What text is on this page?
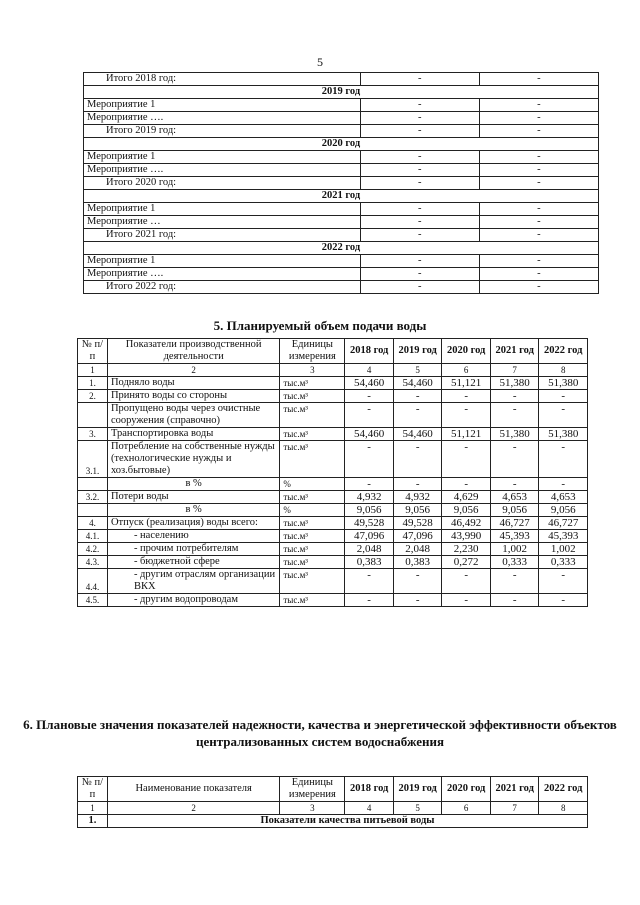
5
Итого 2018 год:	-	-
2019 год		
Мероприятие 1	-	-
Мероприятие ….	-	-
Итого 2019 год:	-	-
2020 год		
Мероприятие 1	-	-
Мероприятие ….	-	-
Итого 2020 год:	-	-
2021 год		
Мероприятие 1	-	-
Мероприятие …	-	-
Итого 2021 год:	-	-
2022 год		
Мероприятие 1	-	-
Мероприятие ….	-	-
Итого 2022 год:	-	-
5. Планируемый объем подачи воды
№ п/п	Показатели производственной деятельности	Единицы измерения	2018 год	2019 год	2020 год	2021 год	2022 год
1	2	3	4	5	6	7	8
1.	Подняло воды	тыс.м³	54,460	54,460	51,121	51,380	51,380
2.	Принято воды со стороны	тыс.м³	-	-	-	-	-
	Пропущено воды через очистные сооружения (справочно)	тыс.м³	-	-	-	-	-
3.	Транспортировка воды	тыс.м³	54,460	54,460	51,121	51,380	51,380
3.1.	Потребление на собственные нужды (технологические нужды и хоз.бытовые)	тыс.м³	-	-	-	-	-
	в %	%	-	-	-	-	-
3.2.	Потери воды	тыс.м³	4,932	4,932	4,629	4,653	4,653
	в %	%	9,056	9,056	9,056	9,056	9,056
4.	Отпуск (реализация) воды всего:	тыс.м³	49,528	49,528	46,492	46,727	46,727
4.1.	- населению	тыс.м³	47,096	47,096	43,990	45,393	45,393
4.2.	- прочим потребителям	тыс.м³	2,048	2,048	2,230	1,002	1,002
4.3.	- бюджетной сфере	тыс.м³	0,383	0,383	0,272	0,333	0,333
4.4.	- другим отраслям организации ВКХ	тыс.м³	-	-	-	-	-
4.5.	- другим водопроводам	тыс.м³	-	-	-	-	-
6. Плановые значения показателей надежности, качества и энергетической эффективности объектов централизованных систем водоснабжения
№ п/п	Наименование показателя	Единицы измерения	2018 год	2019 год	2020 год	2021 год	2022 год
1	2	3	4	5	6	7	8
1.	Показатели качества питьевой воды						
